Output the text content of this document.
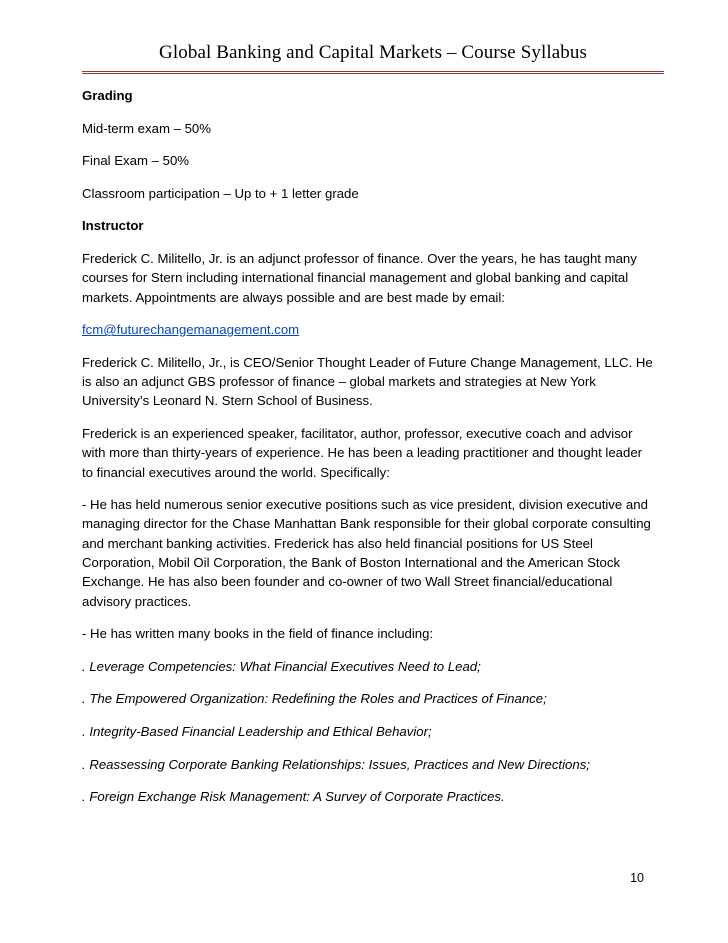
Global Banking and Capital Markets – Course Syllabus
Grading
Mid-term exam – 50%
Final Exam – 50%
Classroom participation – Up to + 1 letter grade
Instructor
Frederick C. Militello, Jr. is an adjunct professor of finance. Over the years, he has taught many courses for Stern including international financial management and global banking and capital markets. Appointments are always possible and are best made by email:
fcm@futurechangemanagement.com
Frederick C. Militello, Jr., is CEO/Senior Thought Leader of Future Change Management, LLC. He is also an adjunct GBS professor of finance – global markets and strategies at New York University’s Leonard N. Stern School of Business.
Frederick is an experienced speaker, facilitator, author, professor, executive coach and advisor with more than thirty-years of experience. He has been a leading practitioner and thought leader to financial executives around the world. Specifically:
- He has held numerous senior executive positions such as vice president, division executive and managing director for the Chase Manhattan Bank responsible for their global corporate consulting and merchant banking activities. Frederick has also held financial positions for US Steel Corporation, Mobil Oil Corporation, the Bank of Boston International and the American Stock Exchange. He has also been founder and co-owner of two Wall Street financial/educational advisory practices.
- He has written many books in the field of finance including:
. Leverage Competencies: What Financial Executives Need to Lead;
. The Empowered Organization: Redefining the Roles and Practices of Finance;
. Integrity-Based Financial Leadership and Ethical Behavior;
. Reassessing Corporate Banking Relationships: Issues, Practices and New Directions;
. Foreign Exchange Risk Management: A Survey of Corporate Practices.
10
